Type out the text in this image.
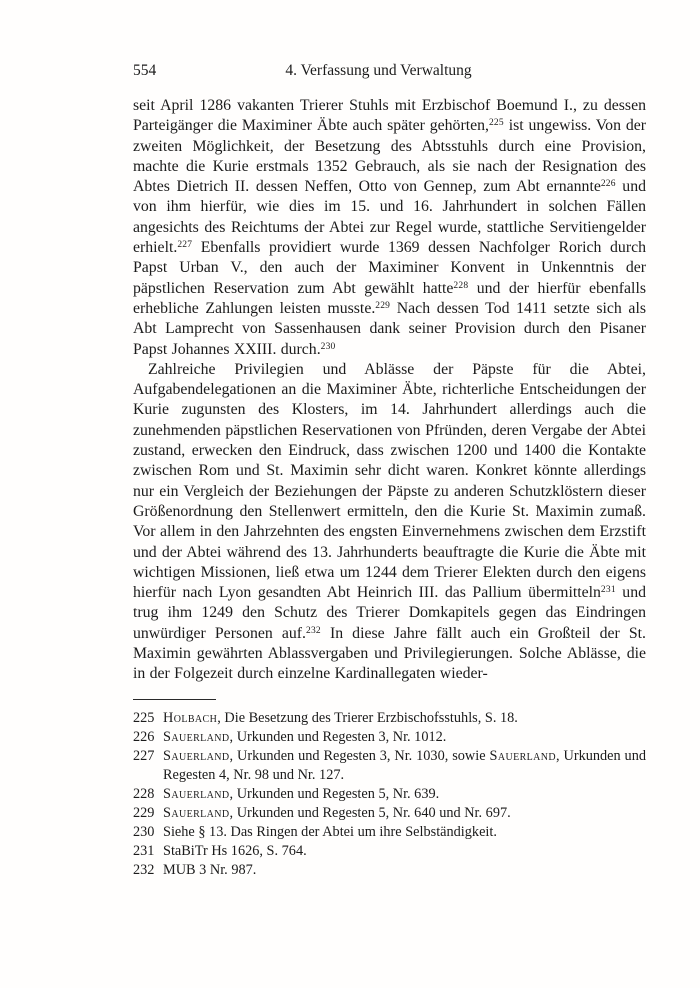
554	4. Verfassung und Verwaltung

seit April 1286 vakanten Trierer Stuhls mit Erzbischof Boemund I., zu dessen Parteigänger die Maximiner Äbte auch später gehörten,$^{225}$ ist ungewiss. Von der zweiten Möglichkeit, der Besetzung des Abtsstuhls durch eine Provision, machte die Kurie erstmals 1352 Gebrauch, als sie nach der Resignation des Abtes Dietrich II. dessen Neffen, Otto von Gennep, zum Abt ernannte$^{226}$ und von ihm hierfür, wie dies im 15. und 16. Jahrhundert in solchen Fällen angesichts des Reichtums der Abtei zur Regel wurde, stattliche Servitiengelder erhielt.$^{227}$ Ebenfalls providiert wurde 1369 dessen Nachfolger Rorich durch Papst Urban V., den auch der Maximiner Konvent in Unkenntnis der päpstlichen Reservation zum Abt gewählt hatte$^{228}$ und der hierfür ebenfalls erhebliche Zahlungen leisten musste.$^{229}$ Nach dessen Tod 1411 setzte sich als Abt Lamprecht von Sassenhausen dank seiner Provision durch den Pisaner Papst Johannes XXIII. durch.$^{230}$

Zahlreiche Privilegien und Ablässe der Päpste für die Abtei, Aufgabendelegationen an die Maximiner Äbte, richterliche Entscheidungen der Kurie zugunsten des Klosters, im 14. Jahrhundert allerdings auch die zunehmenden päpstlichen Reservationen von Pfründen, deren Vergabe der Abtei zustand, erwecken den Eindruck, dass zwischen 1200 und 1400 die Kontakte zwischen Rom und St. Maximin sehr dicht waren. Konkret könnte allerdings nur ein Vergleich der Beziehungen der Päpste zu anderen Schutzklöstern dieser Größenordnung den Stellenwert ermitteln, den die Kurie St. Maximin zumaß. Vor allem in den Jahrzehnten des engsten Einvernehmens zwischen dem Erzstift und der Abtei während des 13. Jahrhunderts beauftragte die Kurie die Äbte mit wichtigen Missionen, ließ etwa um 1244 dem Trierer Elekten durch den eigens hierfür nach Lyon gesandten Abt Heinrich III. das Pallium übermitteln$^{231}$ und trug ihm 1249 den Schutz des Trierer Domkapitels gegen das Eindringen unwürdiger Personen auf.$^{232}$ In diese Jahre fällt auch ein Großteil der St. Maximin gewährten Ablassvergaben und Privilegierungen. Solche Ablässe, die in der Folgezeit durch einzelne Kardinallegaten wieder-

225 Holbach, Die Besetzung des Trierer Erzbischofsstuhls, S. 18.
226 Sauerland, Urkunden und Regesten 3, Nr. 1012.
227 Sauerland, Urkunden und Regesten 3, Nr. 1030, sowie Sauerland, Urkunden und Regesten 4, Nr. 98 und Nr. 127.
228 Sauerland, Urkunden und Regesten 5, Nr. 639.
229 Sauerland, Urkunden und Regesten 5, Nr. 640 und Nr. 697.
230 Siehe § 13. Das Ringen der Abtei um ihre Selbständigkeit.
231 StaBiTr Hs 1626, S. 764.
232 MUB 3 Nr. 987.
